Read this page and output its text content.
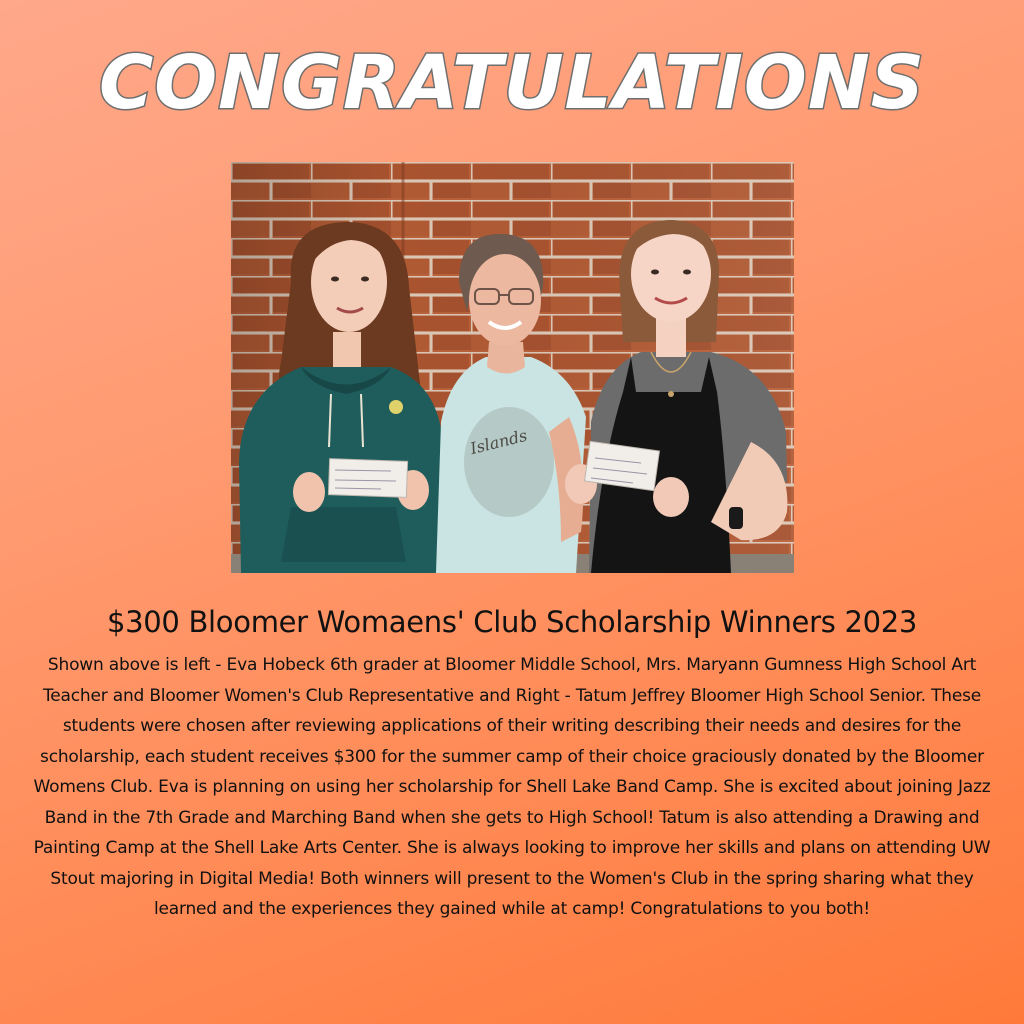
CONGRATULATIONS
Islands
$300 Bloomer Womaens' Club Scholarship Winners 2023
Shown above is left - Eva Hobeck 6th grader at Bloomer Middle School, Mrs. Maryann Gumness High School Art Teacher and Bloomer Women's Club Representative and Right - Tatum Jeffrey Bloomer High School Senior. These students were chosen after reviewing applications of their writing describing their needs and desires for the scholarship, each student receives $300 for the summer camp of their choice graciously donated by the Bloomer Womens Club. Eva is planning on using her scholarship for Shell Lake Band Camp. She is excited about joining Jazz Band in the 7th Grade and Marching Band when she gets to High School! Tatum is also attending a Drawing and Painting Camp at the Shell Lake Arts Center. She is always looking to improve her skills and plans on attending UW Stout majoring in Digital Media! Both winners will present to the Women's Club in the spring sharing what they learned and the experiences they gained while at camp! Congratulations to you both!
